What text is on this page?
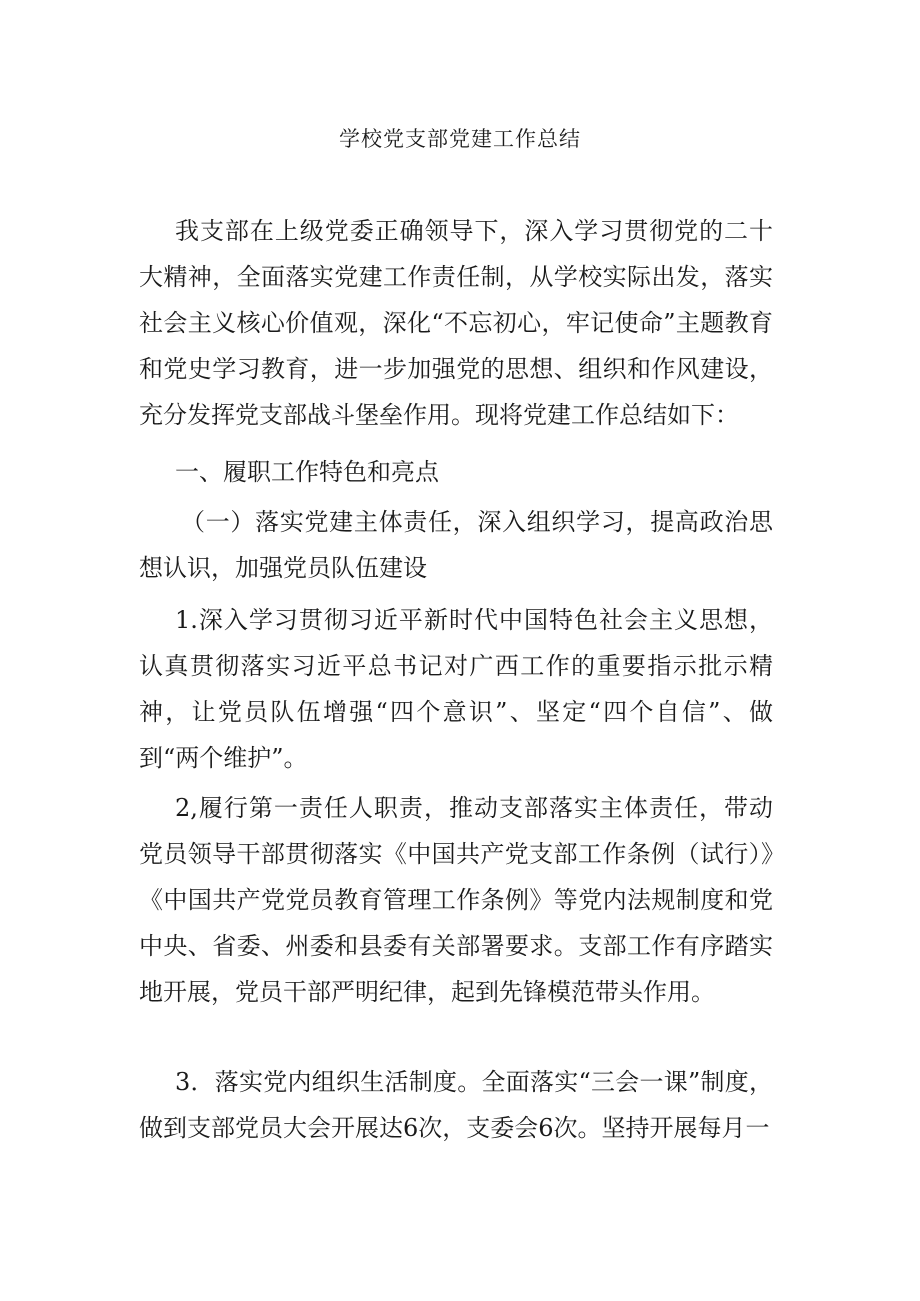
学校党支部党建工作总结

我支部在上级党委正确领导下，深入学习贯彻党的二十大精神，全面落实党建工作责任制，从学校实际出发，落实社会主义核心价值观，深化“不忘初心，牢记使命”主题教育和党史学习教育，进一步加强党的思想、组织和作风建设，充分发挥党支部战斗堡垒作用。现将党建工作总结如下：

一、履职工作特色和亮点

（一）落实党建主体责任，深入组织学习，提高政治思想认识，加强党员队伍建设

1.深入学习贯彻习近平新时代中国特色社会主义思想，认真贯彻落实习近平总书记对广西工作的重要指示批示精神，让党员队伍增强“四个意识”、坚定“四个自信”、做到“两个维护”。

2,履行第一责任人职责，推动支部落实主体责任，带动党员领导干部贯彻落实《中国共产党支部工作条例（试行）》《中国共产党党员教育管理工作条例》等党内法规制度和党中央、省委、州委和县委有关部署要求。支部工作有序踏实地开展，党员干部严明纪律，起到先锋模范带头作用。

3．落实党内组织生活制度。全面落实“三会一课”制度，做到支部党员大会开展达6次，支委会6次。坚持开展每月一
